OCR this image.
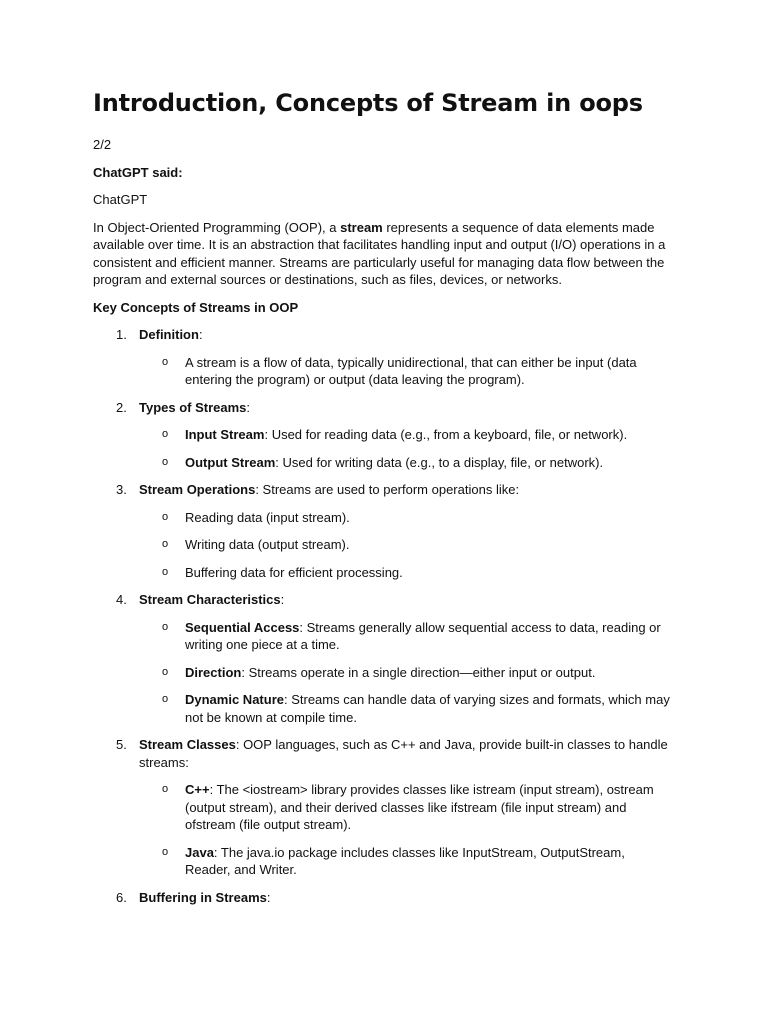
Introduction, Concepts of Stream in oops

2/2

ChatGPT said:

ChatGPT

In Object-Oriented Programming (OOP), a stream represents a sequence of data elements made available over time. It is an abstraction that facilitates handling input and output (I/O) operations in a consistent and efficient manner. Streams are particularly useful for managing data flow between the program and external sources or destinations, such as files, devices, or networks.

Key Concepts of Streams in OOP

1. Definition:
o A stream is a flow of data, typically unidirectional, that can either be input (data entering the program) or output (data leaving the program).
2. Types of Streams:
o Input Stream: Used for reading data (e.g., from a keyboard, file, or network).
o Output Stream: Used for writing data (e.g., to a display, file, or network).
3. Stream Operations: Streams are used to perform operations like:
o Reading data (input stream).
o Writing data (output stream).
o Buffering data for efficient processing.
4. Stream Characteristics:
o Sequential Access: Streams generally allow sequential access to data, reading or writing one piece at a time.
o Direction: Streams operate in a single direction—either input or output.
o Dynamic Nature: Streams can handle data of varying sizes and formats, which may not be known at compile time.
5. Stream Classes: OOP languages, such as C++ and Java, provide built-in classes to handle streams:
o C++: The <iostream> library provides classes like istream (input stream), ostream (output stream), and their derived classes like ifstream (file input stream) and ofstream (file output stream).
o Java: The java.io package includes classes like InputStream, OutputStream, Reader, and Writer.
6. Buffering in Streams:
